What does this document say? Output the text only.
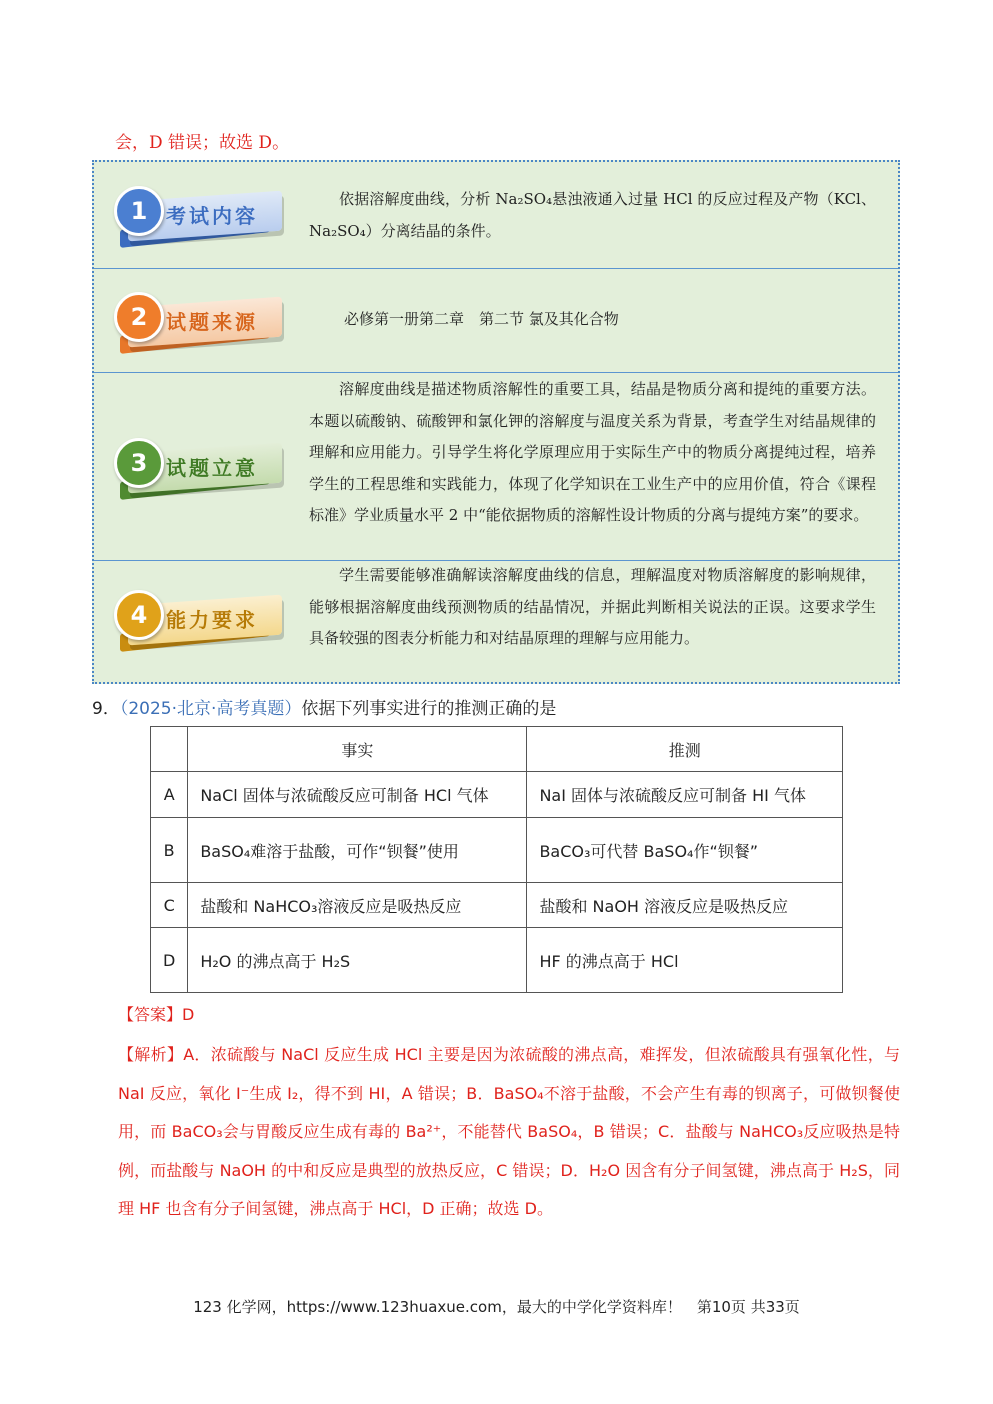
会，D 错误；故选 D。
1 考试内容
依据溶解度曲线，分析 Na₂SO₄悬浊液通入过量 HCl 的反应过程及产物（KCl、Na₂SO₄）分离结晶的条件。
2 试题来源	必修第一册第二章　第二节 氯及其化合物
3 试题立意
溶解度曲线是描述物质溶解性的重要工具，结晶是物质分离和提纯的重要方法。本题以硫酸钠、硫酸钾和氯化钾的溶解度与温度关系为背景，考查学生对结晶规律的理解和应用能力。引导学生将化学原理应用于实际生产中的物质分离提纯过程，培养学生的工程思维和实践能力，体现了化学知识在工业生产中的应用价值，符合《课程标准》学业质量水平 2 中“能依据物质的溶解性设计物质的分离与提纯方案”的要求。
4 能力要求
学生需要能够准确解读溶解度曲线的信息，理解温度对物质溶解度的影响规律，能够根据溶解度曲线预测物质的结晶情况，并据此判断相关说法的正误。这要求学生具备较强的图表分析能力和对结晶原理的理解与应用能力。
9．（2025·北京·高考真题）依据下列事实进行的推测正确的是
	事实	推测
A	NaCl 固体与浓硫酸反应可制备 HCl 气体	NaI 固体与浓硫酸反应可制备 HI 气体
B	BaSO₄难溶于盐酸，可作“钡餐”使用	BaCO₃可代替 BaSO₄作“钡餐”
C	盐酸和 NaHCO₃溶液反应是吸热反应	盐酸和 NaOH 溶液反应是吸热反应
D	H₂O 的沸点高于 H₂S	HF 的沸点高于 HCl
【答案】D
【解析】A．浓硫酸与 NaCl 反应生成 HCl 主要是因为浓硫酸的沸点高，难挥发，但浓硫酸具有强氧化性，与 NaI 反应，氧化 I⁻生成 I₂，得不到 HI，A 错误；B．BaSO₄不溶于盐酸，不会产生有毒的钡离子，可做钡餐使用，而 BaCO₃会与胃酸反应生成有毒的 Ba²⁺，不能替代 BaSO₄，B 错误；C．盐酸与 NaHCO₃反应吸热是特例，而盐酸与 NaOH 的中和反应是典型的放热反应，C 错误；D．H₂O 因含有分子间氢键，沸点高于 H₂S，同理 HF 也含有分子间氢键，沸点高于 HCl，D 正确；故选 D。
123 化学网，https://www.123huaxue.com，最大的中学化学资料库！　第10页 共33页
